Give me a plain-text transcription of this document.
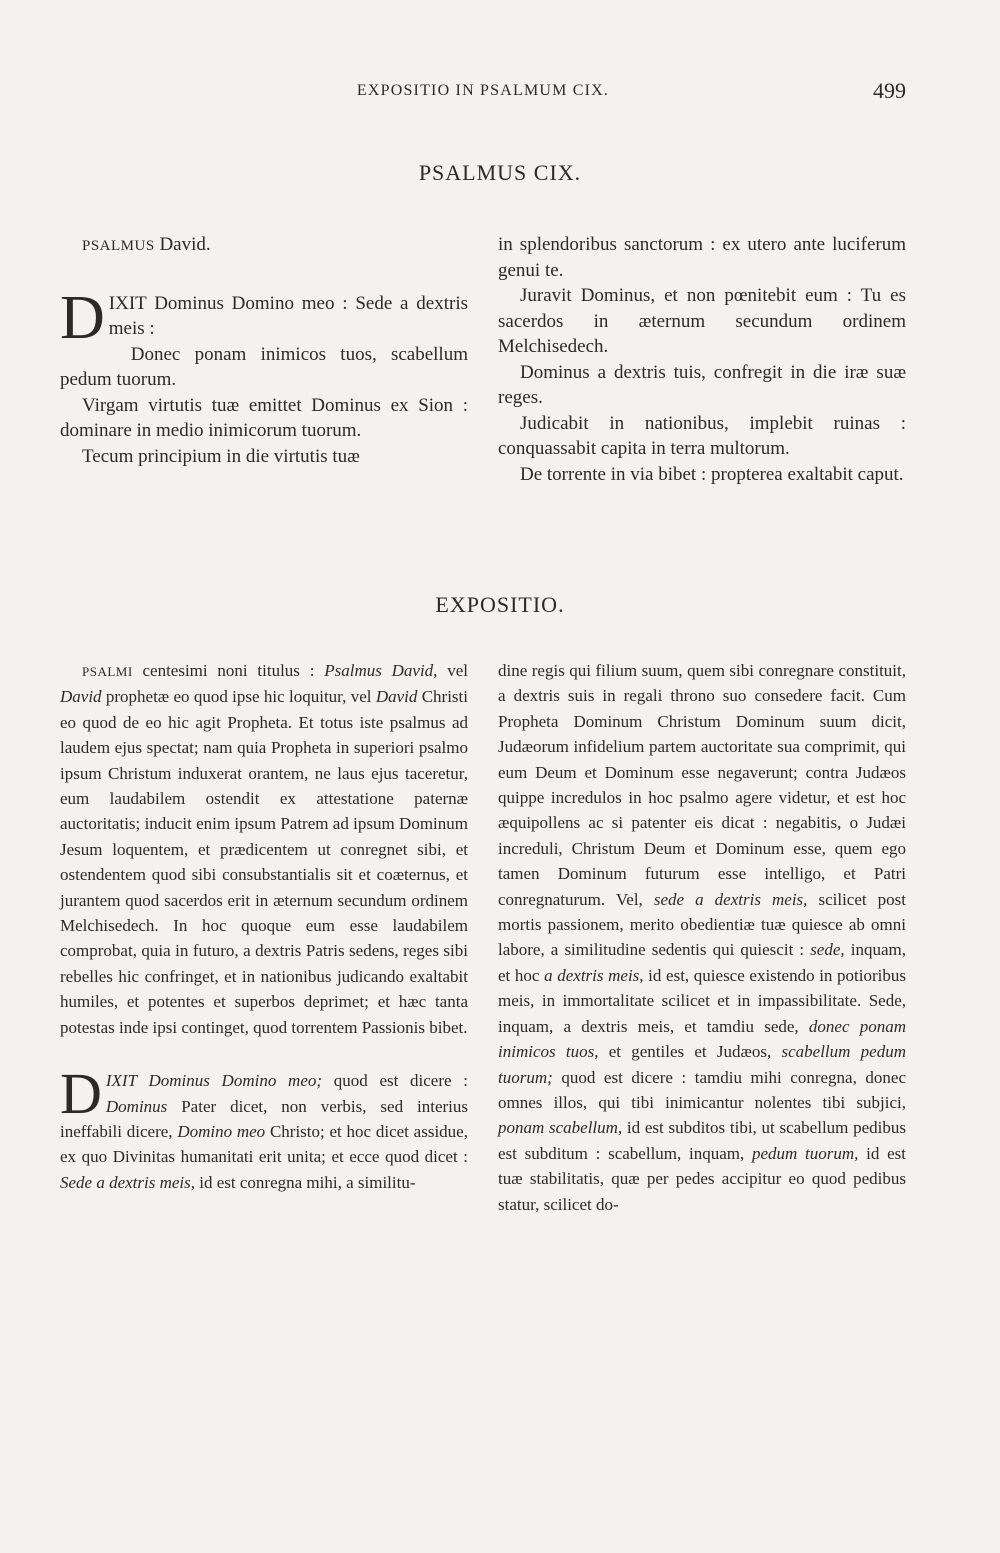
EXPOSITIO IN PSALMUM CIX.	499
PSALMUS CIX.

PSALMUS David.

DIXIT Dominus Domino meo : Sede a dextris meis :

Donec ponam inimicos tuos, scabellum pedum tuorum.

Virgam virtutis tuæ emittet Dominus ex Sion : dominare in medio inimicorum tuorum.

Tecum principium in die virtutis tuæ

in splendoribus sanctorum : ex utero ante luciferum genui te.

Juravit Dominus, et non pœnitebit eum : Tu es sacerdos in æternum secundum ordinem Melchisedech.

Dominus a dextris tuis, confregit in die iræ suæ reges.

Judicabit in nationibus, implebit ruinas : conquassabit capita in terra multorum.

De torrente in via bibet : propterea exaltabit caput.

EXPOSITIO.

PSALMI centesimi noni titulus : Psalmus David, vel David prophetæ eo quod ipse hic loquitur, vel David Christi eo quod de eo hic agit Propheta. Et totus iste psalmus ad laudem ejus spectat; nam quia Propheta in superiori psalmo ipsum Christum induxerat orantem, ne laus ejus taceretur, eum laudabilem ostendit ex attestatione paternæ auctoritatis; inducit enim ipsum Patrem ad ipsum Dominum Jesum loquentem, et prædicentem ut conregnet sibi, et ostendentem quod sibi consubstantialis sit et coæternus, et jurantem quod sacerdos erit in æternum secundum ordinem Melchisedech. In hoc quoque eum esse laudabilem comprobat, quia in futuro, a dextris Patris sedens, reges sibi rebelles hic confringet, et in nationibus judicando exaltabit humiles, et potentes et superbos deprimet; et hæc tanta potestas inde ipsi continget, quod torrentem Passionis bibet.

DIXIT Dominus Domino meo; quod est dicere : Dominus Pater dicet, non verbis, sed interius ineffabili dicere, Domino meo Christo; et hoc dicet assidue, ex quo Divinitas humanitati erit unita; et ecce quod dicet : Sede a dextris meis, id est conregna mihi, a similitu-

dine regis qui filium suum, quem sibi conregnare constituit, a dextris suis in regali throno suo consedere facit. Cum Propheta Dominum Christum Dominum suum dicit, Judæorum infidelium partem auctoritate sua comprimit, qui eum Deum et Dominum esse negaverunt; contra Judæos quippe incredulos in hoc psalmo agere videtur, et est hoc æquipollens ac si patenter eis dicat : negabitis, o Judæi increduli, Christum Deum et Dominum esse, quem ego tamen Dominum futurum esse intelligo, et Patri conregnaturum. Vel, sede a dextris meis, scilicet post mortis passionem, merito obedientiæ tuæ quiesce ab omni labore, a similitudine sedentis qui quiescit : sede, inquam, et hoc a dextris meis, id est, quiesce existendo in potioribus meis, in immortalitate scilicet et in impassibilitate. Sede, inquam, a dextris meis, et tamdiu sede, donec ponam inimicos tuos, et gentiles et Judæos, scabellum pedum tuorum; quod est dicere : tamdiu mihi conregna, donec omnes illos, qui tibi inimicantur nolentes tibi subjici, ponam scabellum, id est subditos tibi, ut scabellum pedibus est subditum : scabellum, inquam, pedum tuorum, id est tuæ stabilitatis, quæ per pedes accipitur eo quod pedibus statur, scilicet do-
